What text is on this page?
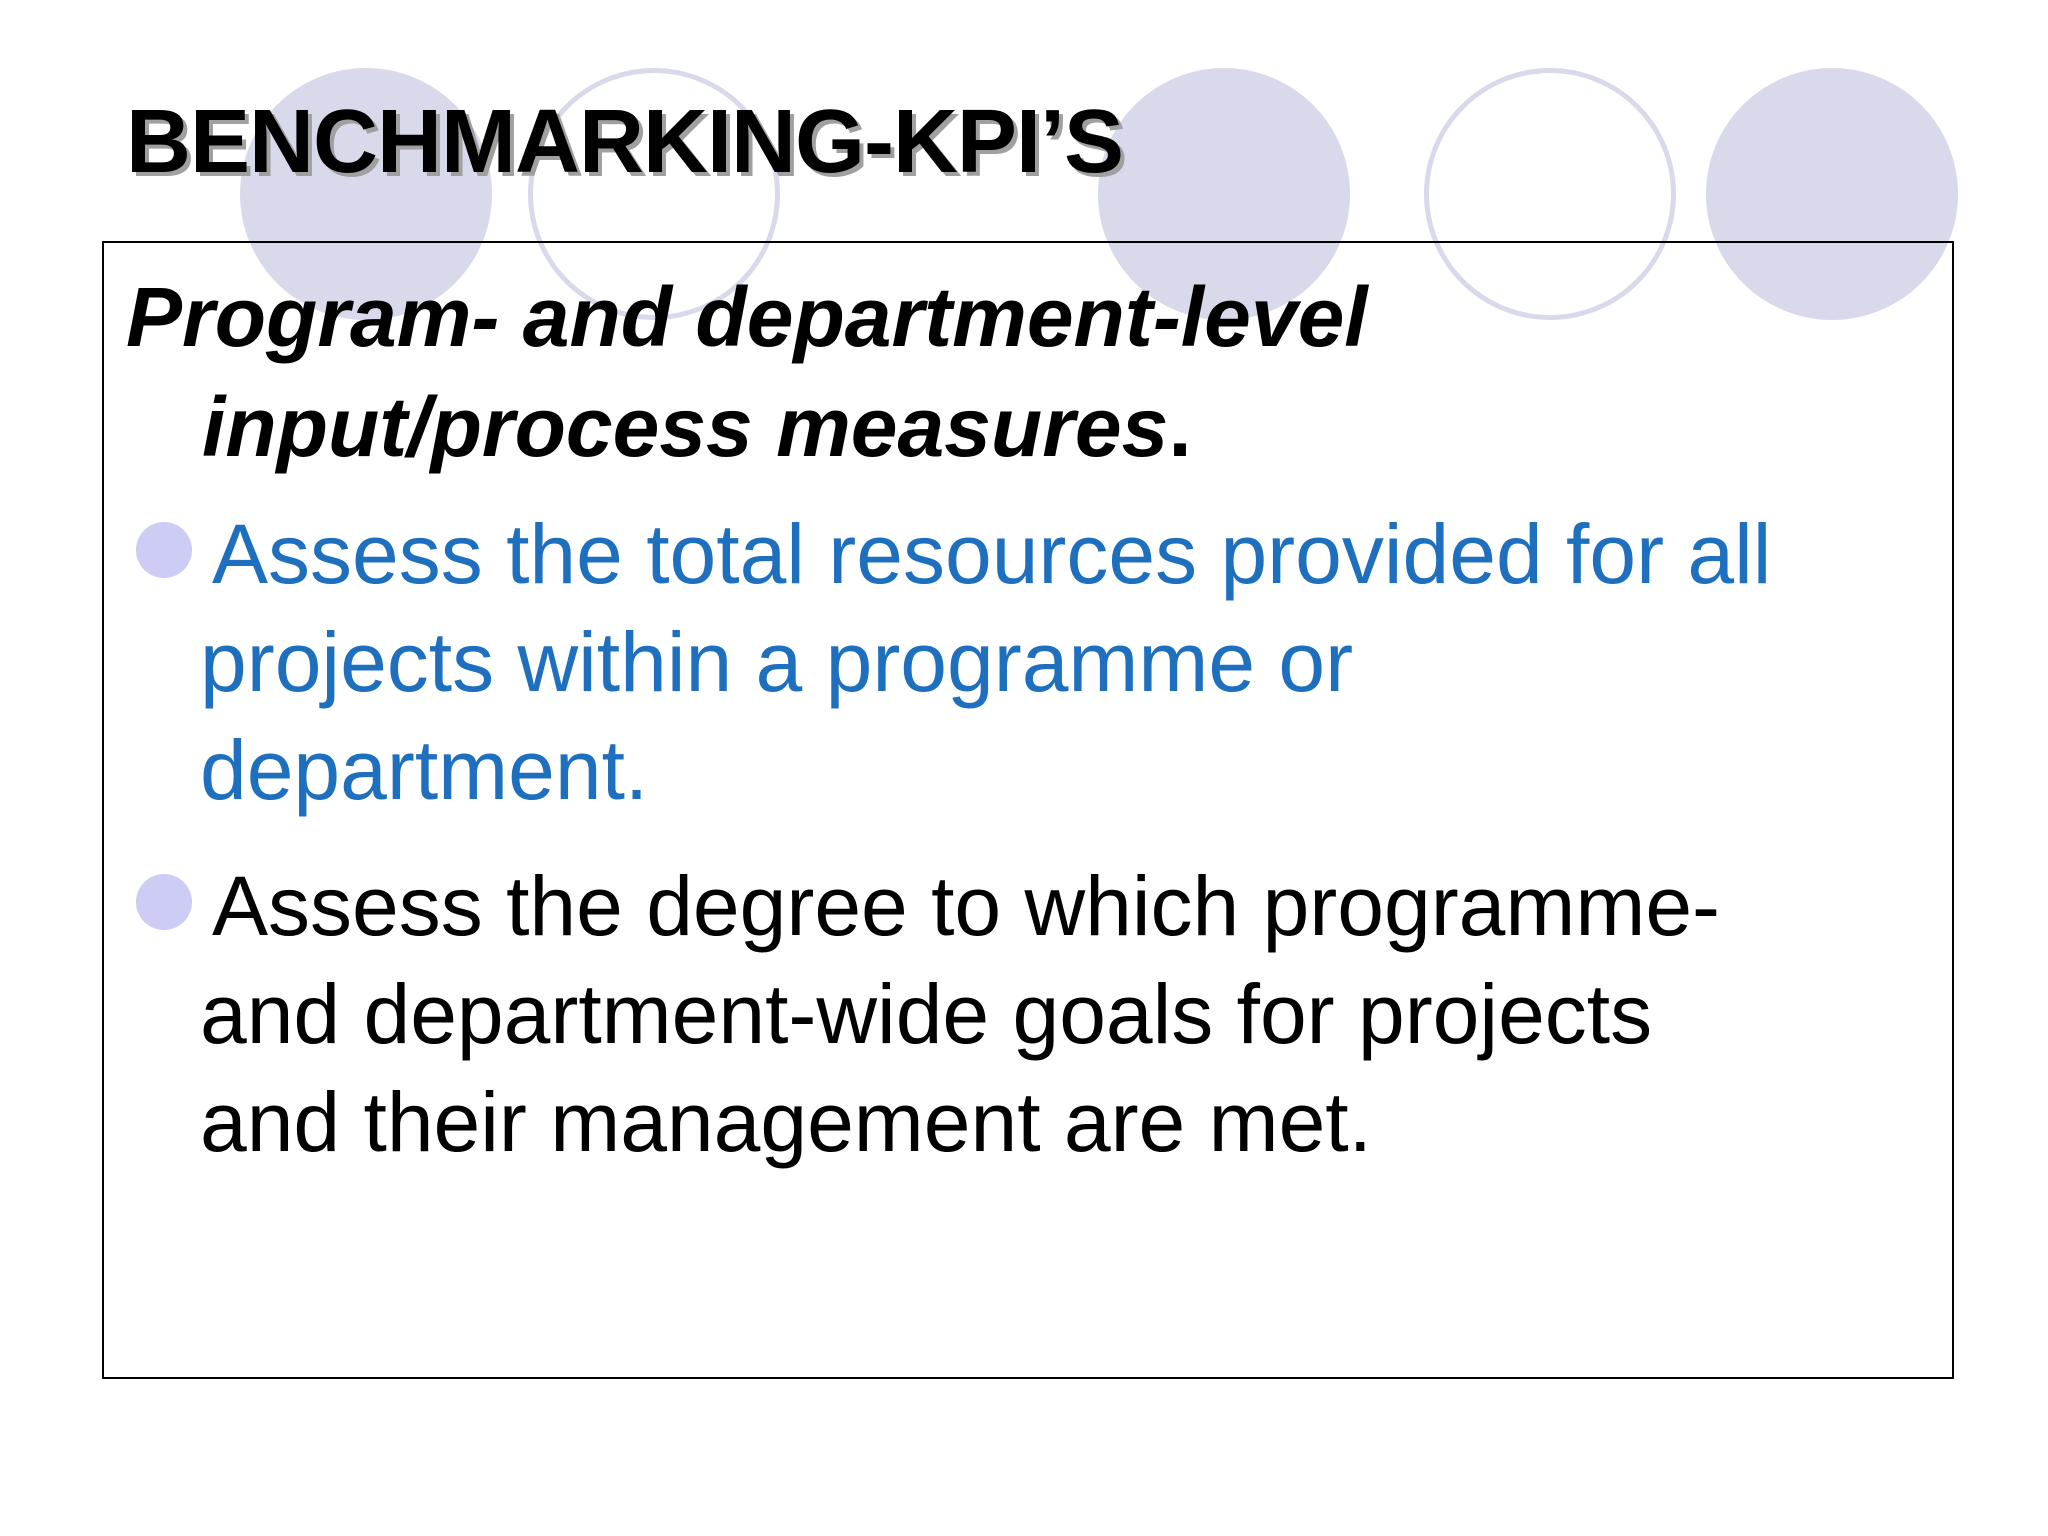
BENCHMARKING-KPI’S

Program- and department-level
input/process measures.

Assess the total resources provided for all
projects within a programme or
department.
Assess the degree to which programme-
and department-wide goals for projects
and their management are met.
